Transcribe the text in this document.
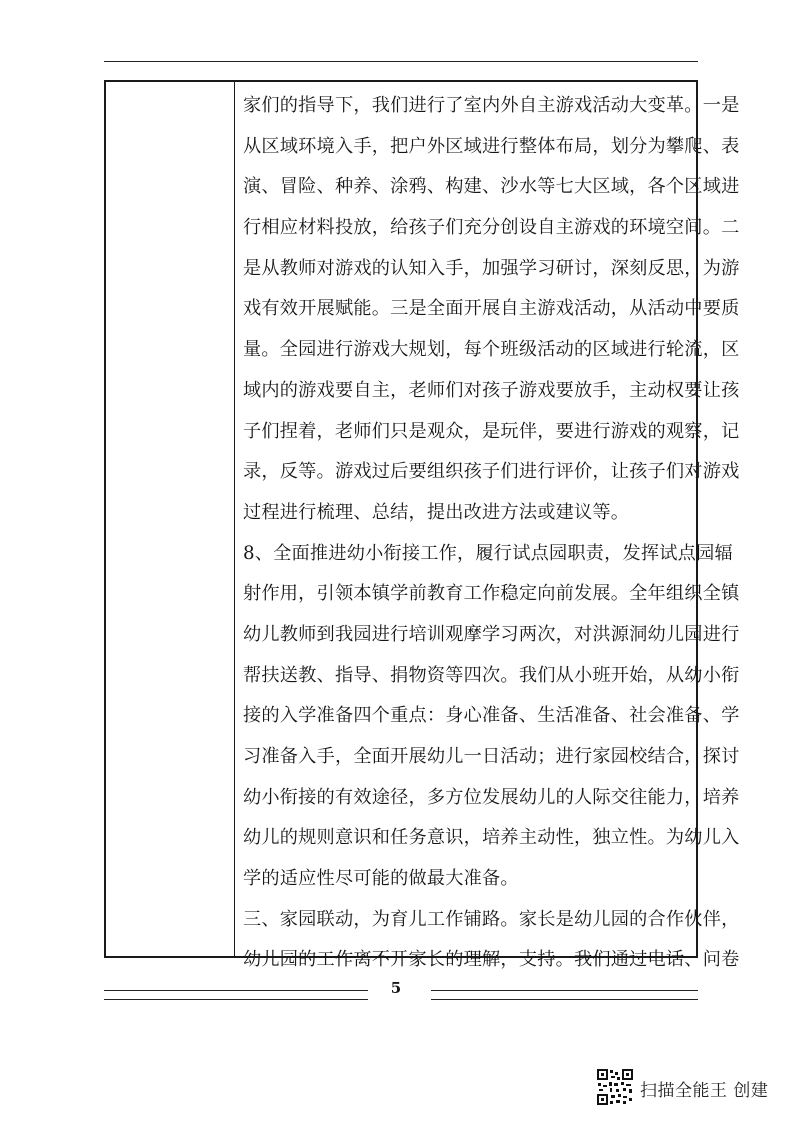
家们的指导下，我们进行了室内外自主游戏活动大变革。一是
从区域环境入手，把户外区域进行整体布局，划分为攀爬、表
演、冒险、种养、涂鸦、构建、沙水等七大区域，各个区域进
行相应材料投放，给孩子们充分创设自主游戏的环境空间。二
是从教师对游戏的认知入手，加强学习研讨，深刻反思，为游
戏有效开展赋能。三是全面开展自主游戏活动，从活动中要质
量。全园进行游戏大规划，每个班级活动的区域进行轮流，区
域内的游戏要自主，老师们对孩子游戏要放手，主动权要让孩
子们捏着，老师们只是观众，是玩伴，要进行游戏的观察，记
录，反等。游戏过后要组织孩子们进行评价，让孩子们对游戏
过程进行梳理、总结，提出改进方法或建议等。
8、全面推进幼小衔接工作，履行试点园职责，发挥试点园辐
射作用，引领本镇学前教育工作稳定向前发展。全年组织全镇
幼儿教师到我园进行培训观摩学习两次，对洪源洞幼儿园进行
帮扶送教、指导、捐物资等四次。我们从小班开始，从幼小衔
接的入学准备四个重点：身心准备、生活准备、社会准备、学
习准备入手，全面开展幼儿一日活动；进行家园校结合，探讨
幼小衔接的有效途径，多方位发展幼儿的人际交往能力，培养
幼儿的规则意识和任务意识，培养主动性，独立性。为幼儿入
学的适应性尽可能的做最大准备。
三、家园联动，为育儿工作铺路。家长是幼儿园的合作伙伴，
幼儿园的工作离不开家长的理解，支持。我们通过电话、问卷
5
扫描全能王 创建
